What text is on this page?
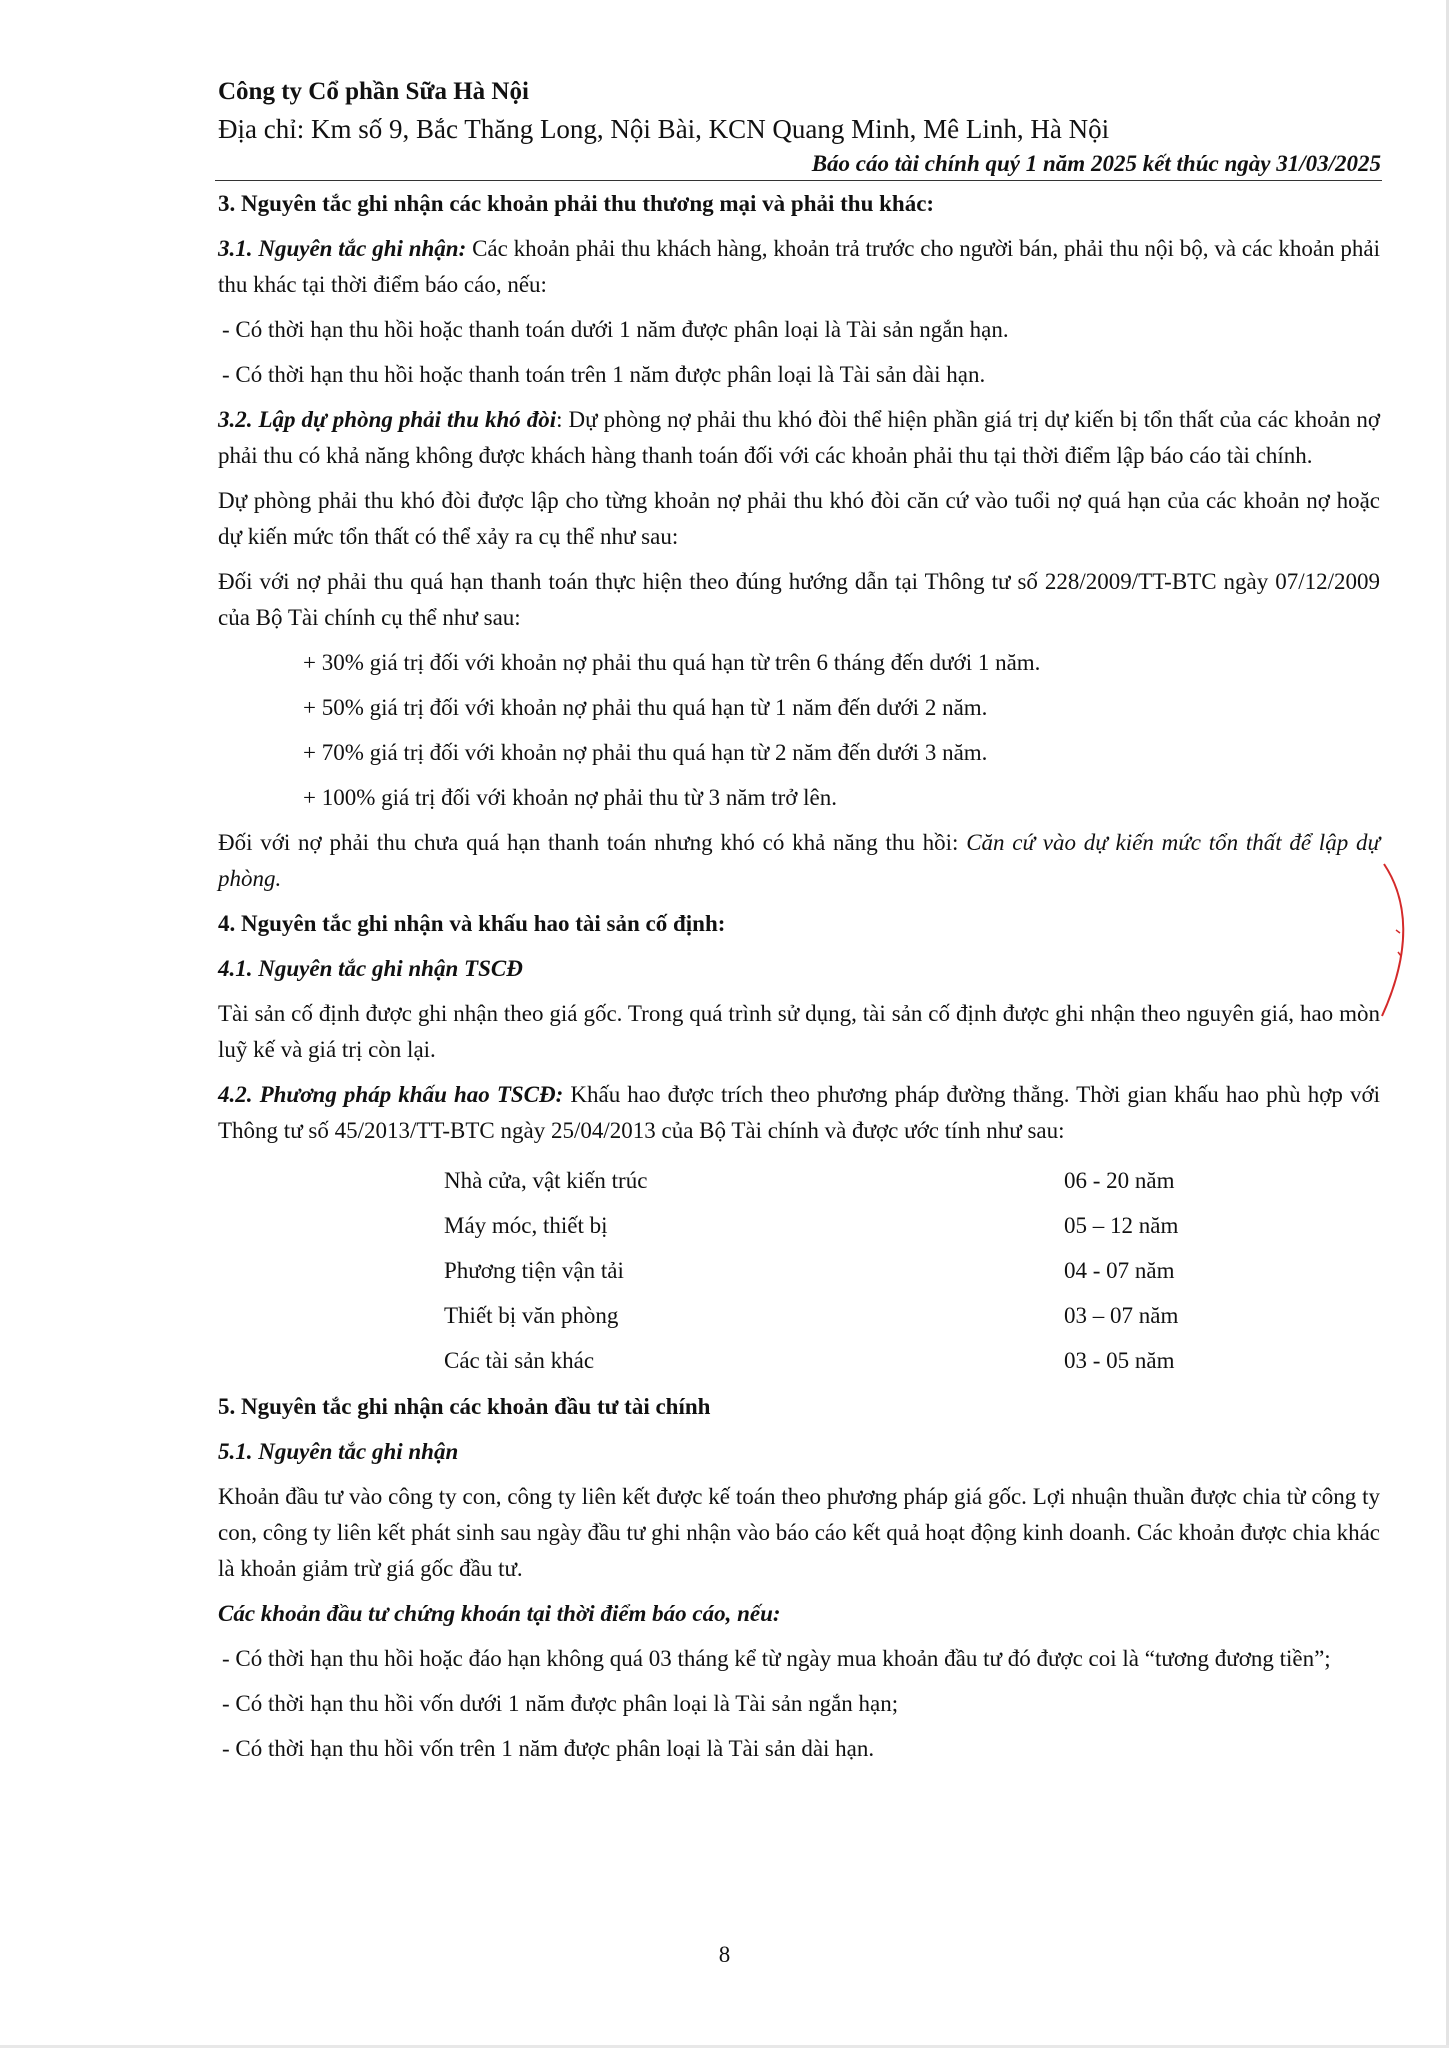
Công ty Cổ phần Sữa Hà Nội
Địa chỉ: Km số 9, Bắc Thăng Long, Nội Bài, KCN Quang Minh, Mê Linh, Hà Nội
Báo cáo tài chính quý 1 năm 2025 kết thúc ngày 31/03/2025

3. Nguyên tắc ghi nhận các khoản phải thu thương mại và phải thu khác:

3.1. Nguyên tắc ghi nhận: Các khoản phải thu khách hàng, khoản trả trước cho người bán, phải thu nội bộ, và các khoản phải thu khác tại thời điểm báo cáo, nếu:

- Có thời hạn thu hồi hoặc thanh toán dưới 1 năm được phân loại là Tài sản ngắn hạn.

- Có thời hạn thu hồi hoặc thanh toán trên 1 năm được phân loại là Tài sản dài hạn.

3.2. Lập dự phòng phải thu khó đòi: Dự phòng nợ phải thu khó đòi thể hiện phần giá trị dự kiến bị tổn thất của các khoản nợ phải thu có khả năng không được khách hàng thanh toán đối với các khoản phải thu tại thời điểm lập báo cáo tài chính.

Dự phòng phải thu khó đòi được lập cho từng khoản nợ phải thu khó đòi căn cứ vào tuổi nợ quá hạn của các khoản nợ hoặc dự kiến mức tổn thất có thể xảy ra cụ thể như sau:

Đối với nợ phải thu quá hạn thanh toán thực hiện theo đúng hướng dẫn tại Thông tư số 228/2009/TT-BTC ngày 07/12/2009 của Bộ Tài chính cụ thể như sau:

+ 30% giá trị đối với khoản nợ phải thu quá hạn từ trên 6 tháng đến dưới 1 năm.

+ 50% giá trị đối với khoản nợ phải thu quá hạn từ 1 năm đến dưới 2 năm.

+ 70% giá trị đối với khoản nợ phải thu quá hạn từ 2 năm đến dưới 3 năm.

+ 100% giá trị đối với khoản nợ phải thu từ 3 năm trở lên.

Đối với nợ phải thu chưa quá hạn thanh toán nhưng khó có khả năng thu hồi: Căn cứ vào dự kiến mức tổn thất để lập dự phòng.

4. Nguyên tắc ghi nhận và khấu hao tài sản cố định:

4.1. Nguyên tắc ghi nhận TSCĐ

Tài sản cố định được ghi nhận theo giá gốc. Trong quá trình sử dụng, tài sản cố định được ghi nhận theo nguyên giá, hao mòn luỹ kế và giá trị còn lại.

4.2. Phương pháp khấu hao TSCĐ: Khấu hao được trích theo phương pháp đường thẳng. Thời gian khấu hao phù hợp với Thông tư số 45/2013/TT-BTC ngày 25/04/2013 của Bộ Tài chính và được ước tính như sau:

Nhà cửa, vật kiến trúc	06 - 20 năm
Máy móc, thiết bị	05 – 12 năm
Phương tiện vận tải	04 - 07 năm
Thiết bị văn phòng	03 – 07 năm
Các tài sản khác	03 - 05 năm

5. Nguyên tắc ghi nhận các khoản đầu tư tài chính

5.1. Nguyên tắc ghi nhận

Khoản đầu tư vào công ty con, công ty liên kết được kế toán theo phương pháp giá gốc. Lợi nhuận thuần được chia từ công ty con, công ty liên kết phát sinh sau ngày đầu tư ghi nhận vào báo cáo kết quả hoạt động kinh doanh. Các khoản được chia khác là khoản giảm trừ giá gốc đầu tư.

Các khoản đầu tư chứng khoán tại thời điểm báo cáo, nếu:

- Có thời hạn thu hồi hoặc đáo hạn không quá 03 tháng kể từ ngày mua khoản đầu tư đó được coi là “tương đương tiền”;

- Có thời hạn thu hồi vốn dưới 1 năm được phân loại là Tài sản ngắn hạn;

- Có thời hạn thu hồi vốn trên 1 năm được phân loại là Tài sản dài hạn.

8
